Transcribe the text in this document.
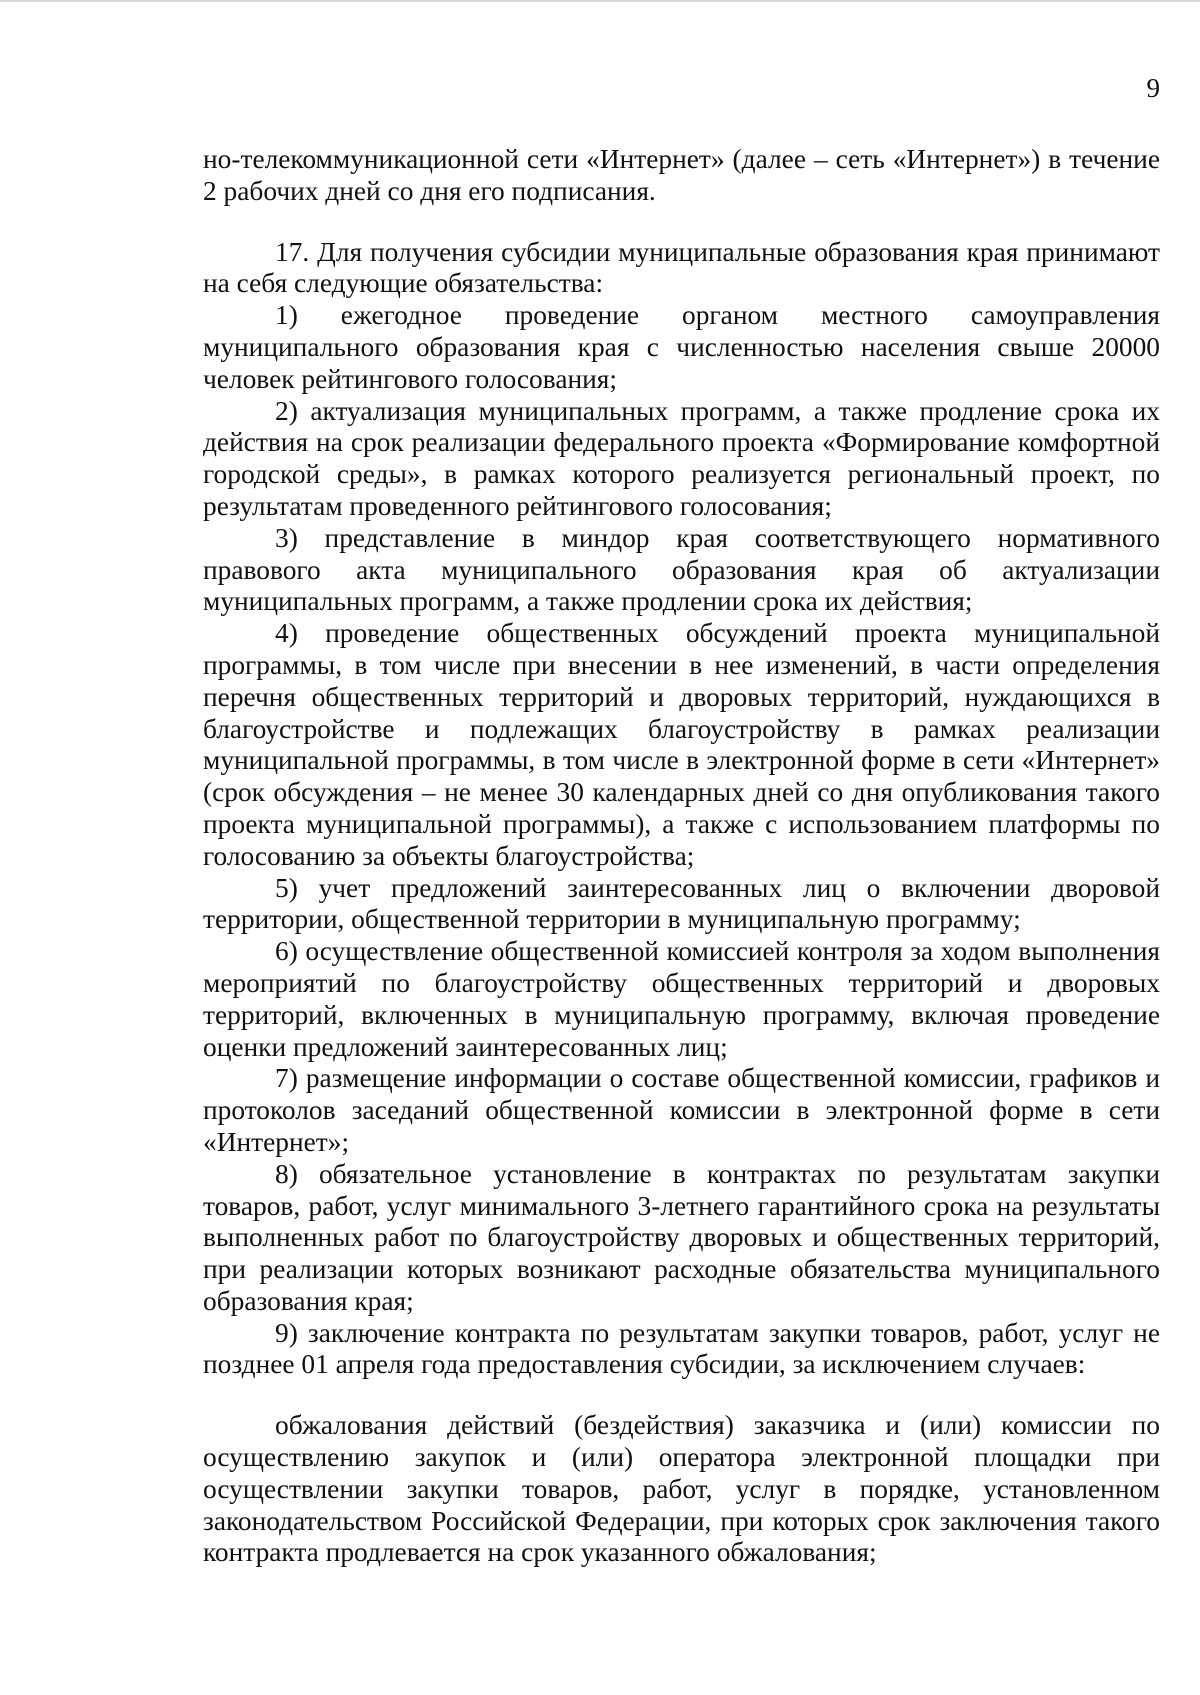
9

но-телекоммуникационной сети «Интернет» (далее – сеть «Интернет») в течение 2 рабочих дней со дня его подписания.

17. Для получения субсидии муниципальные образования края принимают на себя следующие обязательства:

1) ежегодное проведение органом местного самоуправления муниципального образования края с численностью населения свыше 20000 человек рейтингового голосования;

2) актуализация муниципальных программ, а также продление срока их действия на срок реализации федерального проекта «Формирование комфортной городской среды», в рамках которого реализуется региональный проект, по результатам проведенного рейтингового голосования;

3) представление в миндор края соответствующего нормативного правового акта муниципального образования края об актуализации муниципальных программ, а также продлении срока их действия;

4) проведение общественных обсуждений проекта муниципальной программы, в том числе при внесении в нее изменений, в части определения перечня общественных территорий и дворовых территорий, нуждающихся в благоустройстве и подлежащих благоустройству в рамках реализации муниципальной программы, в том числе в электронной форме в сети «Интернет» (срок обсуждения – не менее 30 календарных дней со дня опубликования такого проекта муниципальной программы), а также с использованием платформы по голосованию за объекты благоустройства;

5) учет предложений заинтересованных лиц о включении дворовой территории, общественной территории в муниципальную программу;

6) осуществление общественной комиссией контроля за ходом выполнения мероприятий по благоустройству общественных территорий и дворовых территорий, включенных в муниципальную программу, включая проведение оценки предложений заинтересованных лиц;

7) размещение информации о составе общественной комиссии, графиков и протоколов заседаний общественной комиссии в электронной форме в сети «Интернет»;

8) обязательное установление в контрактах по результатам закупки товаров, работ, услуг минимального 3-летнего гарантийного срока на результаты выполненных работ по благоустройству дворовых и общественных территорий, при реализации которых возникают расходные обязательства муниципального образования края;

9) заключение контракта по результатам закупки товаров, работ, услуг не позднее 01 апреля года предоставления субсидии, за исключением случаев:

обжалования действий (бездействия) заказчика и (или) комиссии по осуществлению закупок и (или) оператора электронной площадки при осуществлении закупки товаров, работ, услуг в порядке, установленном законодательством Российской Федерации, при которых срок заключения такого контракта продлевается на срок указанного обжалования;
